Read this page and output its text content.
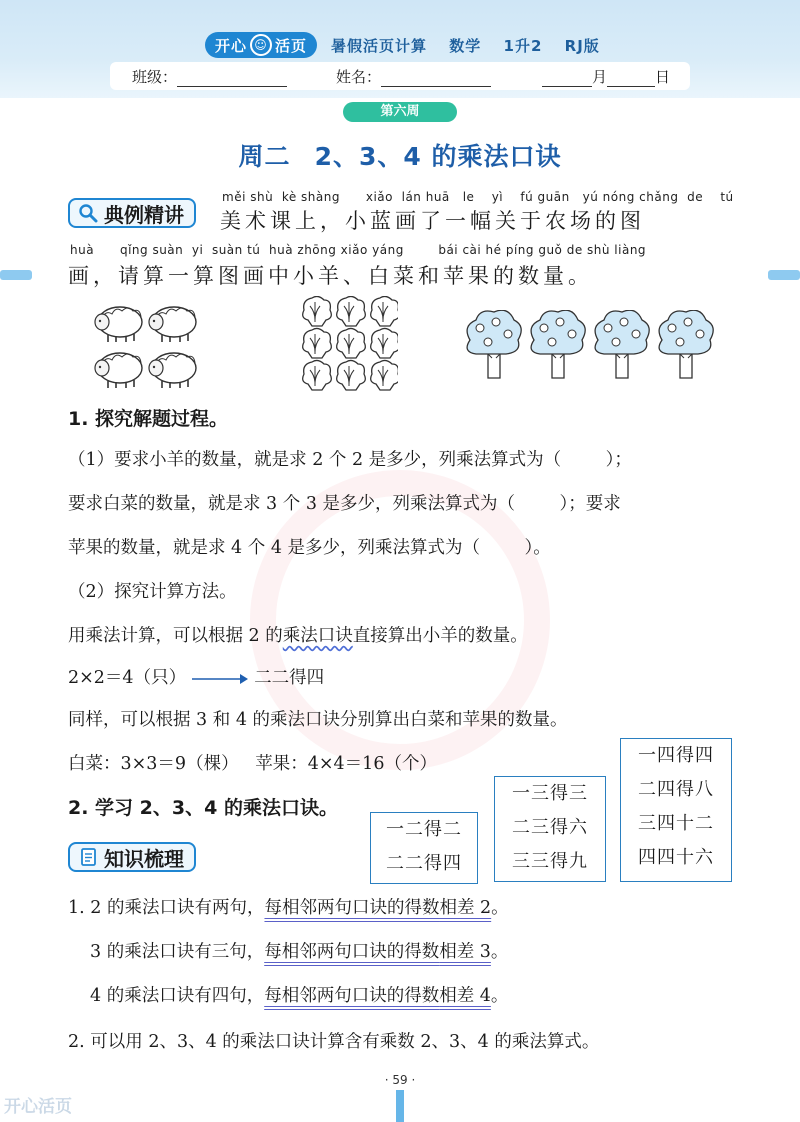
开心 ☺ 活页 暑假活页计算 数学 1升2 RJ版
班级：	姓名：	月	日
第六周
周二 2、3、4 的乘法口诀
典例精讲
měi shù  kè shàng      xiǎo  lán huā   le    yì    fú guān   yú nóng chǎng  de    tú
美术课上，小蓝画了一幅关于农场的图
huà      qǐng suàn  yi  suàn tú  huà zhōng xiǎo yáng        bái cài hé píng guǒ de shù liàng
画，请算一算图画中小羊、白菜和苹果的数量。
1. 探究解题过程。
（1）要求小羊的数量，就是求 2 个 2 是多少，列乘法算式为（        ）；
要求白菜的数量，就是求 3 个 3 是多少，列乘法算式为（        ）；要求
苹果的数量，就是求 4 个 4 是多少，列乘法算式为（        ）。
（2）探究计算方法。
用乘法计算，可以根据 2 的乘法口诀直接算出小羊的数量。
2×2＝4（只）	二二得四
同样，可以根据 3 和 4 的乘法口诀分别算出白菜和苹果的数量。
白菜：3×3＝9（棵）   苹果：4×4＝16（个）
2. 学习 2、3、4 的乘法口诀。
一二得二
二二得四
一三得三
二三得六
三三得九
一四得四
二四得八
三四十二
四四十六
知识梳理
1. 2 的乘法口诀有两句，每相邻两句口诀的得数相差 2。
3 的乘法口诀有三句，每相邻两句口诀的得数相差 3。
4 的乘法口诀有四句，每相邻两句口诀的得数相差 4。
2. 可以用 2、3、4 的乘法口诀计算含有乘数 2、3、4 的乘法算式。
· 59 ·
开心活页
